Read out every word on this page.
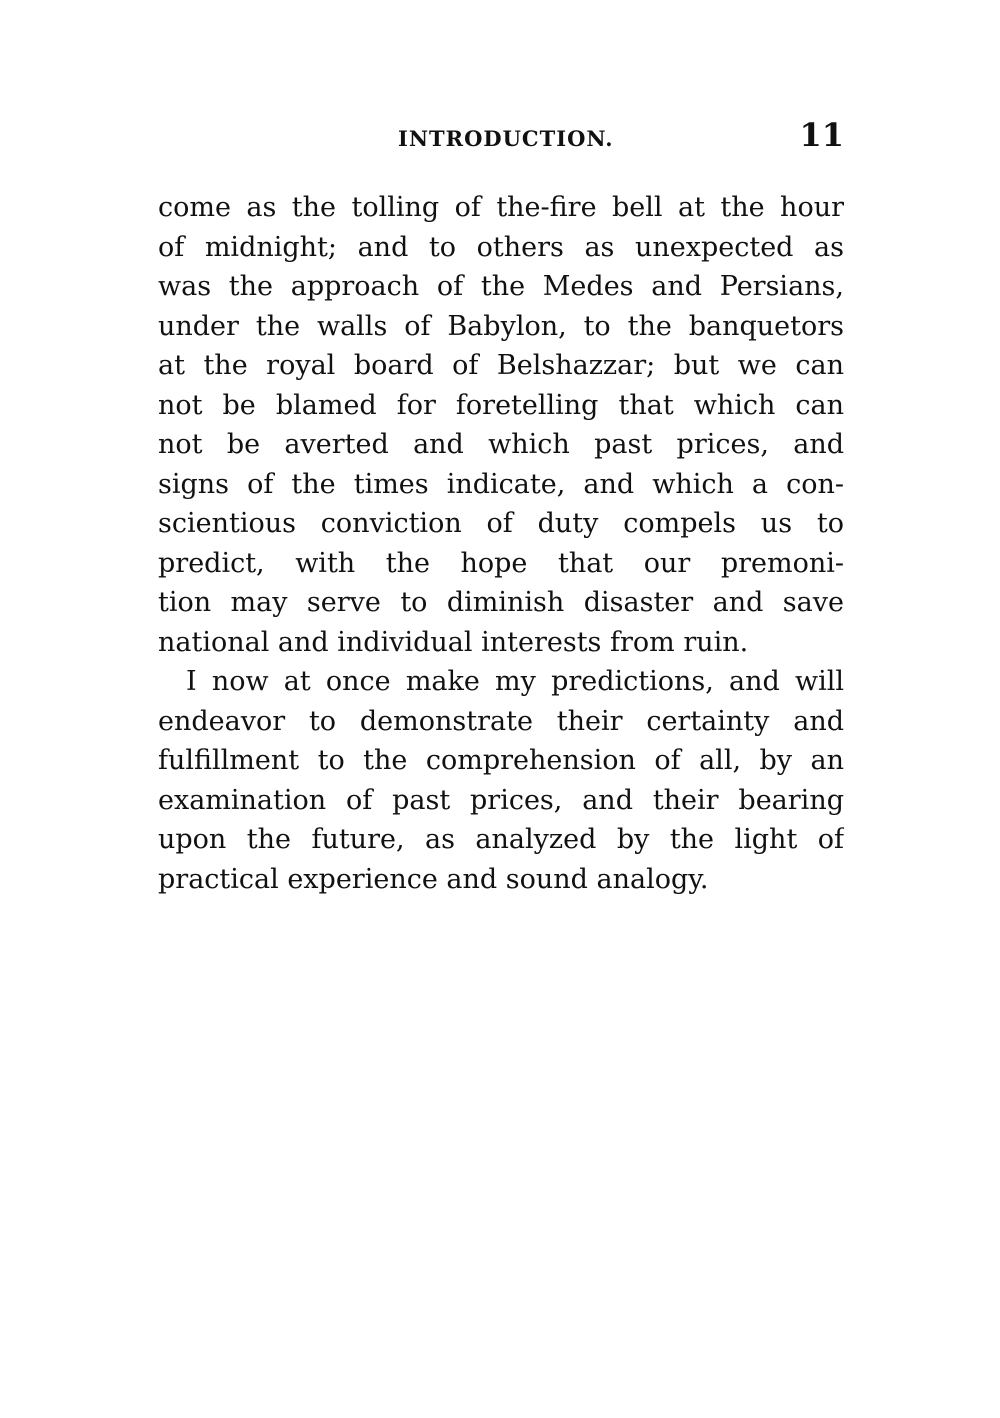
INTRODUCTION.	11
come as the tolling of the-fire bell at the hour
of midnight; and to others as unexpected as
was the approach of the Medes and Persians,
under the walls of Babylon, to the banquetors
at the royal board of Belshazzar; but we can
not be blamed for foretelling that which can
not be averted and which past prices, and
signs of the times indicate, and which a con-
scientious conviction of duty compels us to
predict, with the hope that our premoni-
tion may serve to diminish disaster and save
national and individual interests from ruin.
I now at once make my predictions, and will
endeavor to demonstrate their certainty and
fulfillment to the comprehension of all, by an
examination of past prices, and their bearing
upon the future, as analyzed by the light of
practical experience and sound analogy.
